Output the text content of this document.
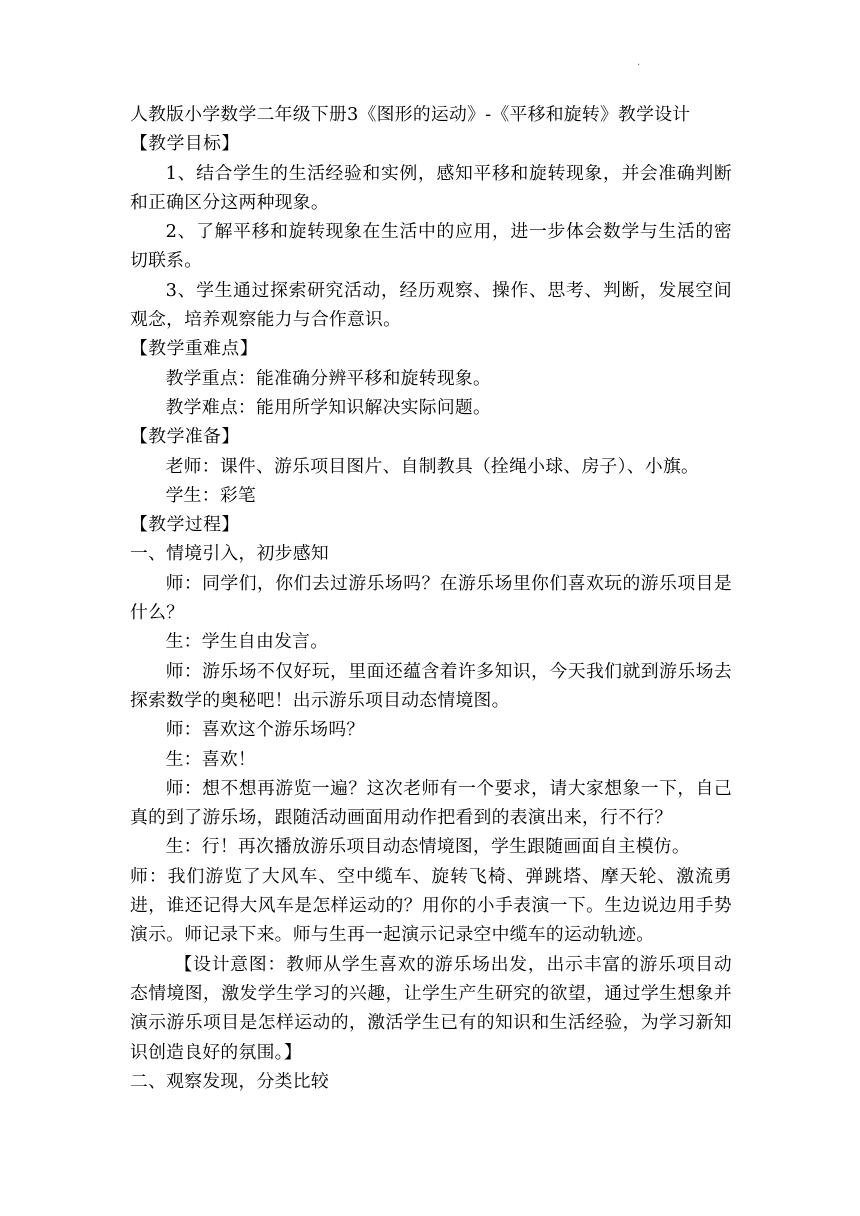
.

人教版小学数学二年级下册3《图形的运动》-《平移和旋转》教学设计

【教学目标】

1、结合学生的生活经验和实例，感知平移和旋转现象，并会准确判断和正确区分这两种现象。

2、了解平移和旋转现象在生活中的应用，进一步体会数学与生活的密切联系。

3、学生通过探索研究活动，经历观察、操作、思考、判断，发展空间观念，培养观察能力与合作意识。

【教学重难点】

教学重点：能准确分辨平移和旋转现象。

教学难点：能用所学知识解决实际问题。

【教学准备】

老师：课件、游乐项目图片、自制教具（拴绳小球、房子）、小旗。

学生：彩笔

【教学过程】

一、情境引入，初步感知

师：同学们，你们去过游乐场吗？在游乐场里你们喜欢玩的游乐项目是什么？

生：学生自由发言。

师：游乐场不仅好玩，里面还蕴含着许多知识，今天我们就到游乐场去探索数学的奥秘吧！出示游乐项目动态情境图。

师：喜欢这个游乐场吗？

生：喜欢！

师：想不想再游览一遍？这次老师有一个要求，请大家想象一下，自己真的到了游乐场，跟随活动画面用动作把看到的表演出来，行不行？

生：行！再次播放游乐项目动态情境图，学生跟随画面自主模仿。

师：我们游览了大风车、空中缆车、旋转飞椅、弹跳塔、摩天轮、激流勇进，谁还记得大风车是怎样运动的？用你的小手表演一下。生边说边用手势演示。师记录下来。师与生再一起演示记录空中缆车的运动轨迹。

【设计意图：教师从学生喜欢的游乐场出发，出示丰富的游乐项目动态情境图，激发学生学习的兴趣，让学生产生研究的欲望，通过学生想象并演示游乐项目是怎样运动的，激活学生已有的知识和生活经验，为学习新知识创造良好的氛围。】

二、观察发现，分类比较
